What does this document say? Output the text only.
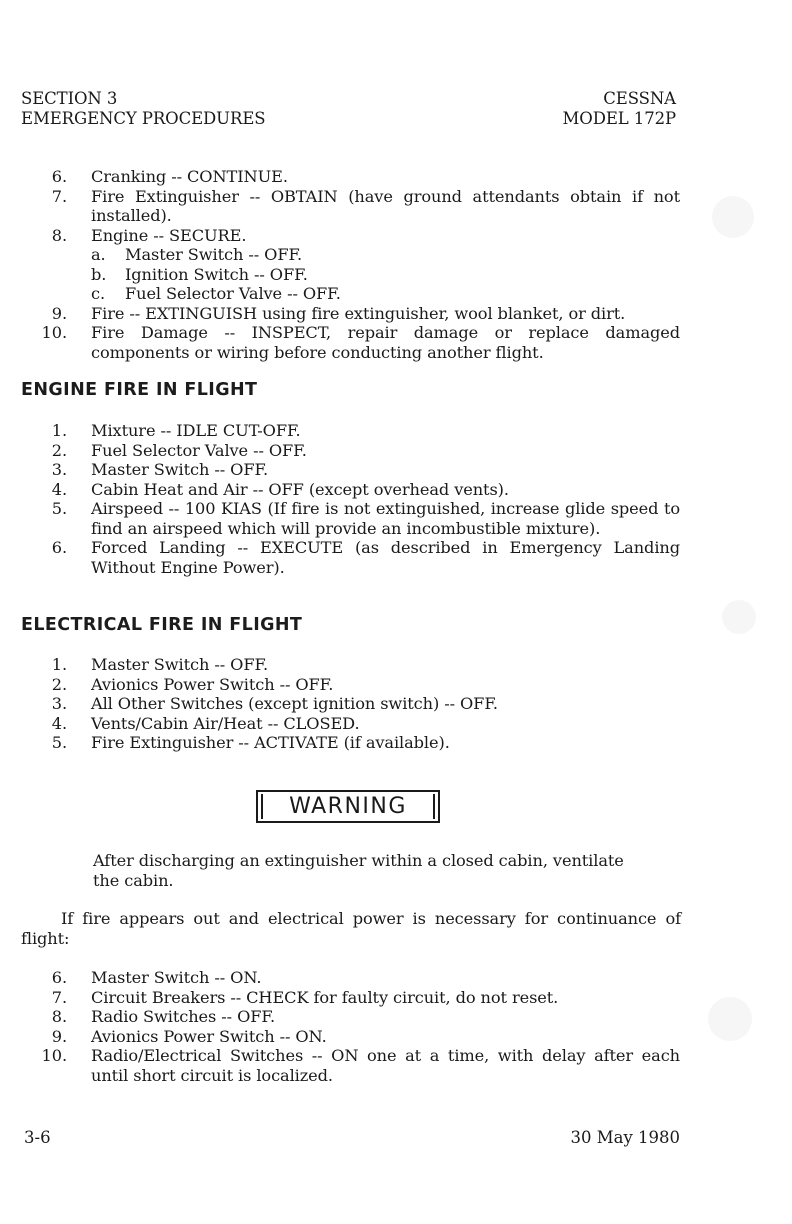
SECTION 3
EMERGENCY PROCEDURES
CESSNA
MODEL 172P
6. Cranking -- CONTINUE.
7. Fire Extinguisher -- OBTAIN (have ground attendants obtain if not installed).
8. Engine -- SECURE.
a.	Master Switch -- OFF.
b.	Ignition Switch -- OFF.
c.	Fuel Selector Valve -- OFF.
9. Fire -- EXTINGUISH using fire extinguisher, wool blanket, or dirt.
10. Fire Damage -- INSPECT, repair damage or replace damaged components or wiring before conducting another flight.
ENGINE FIRE IN FLIGHT
1. Mixture -- IDLE CUT-OFF.
2. Fuel Selector Valve -- OFF.
3. Master Switch -- OFF.
4. Cabin Heat and Air -- OFF (except overhead vents).
5. Airspeed -- 100 KIAS (If fire is not extinguished, increase glide speed to find an airspeed which will provide an incombustible mixture).
6. Forced Landing -- EXECUTE (as described in Emergency Landing Without Engine Power).
ELECTRICAL FIRE IN FLIGHT
1. Master Switch -- OFF.
2. Avionics Power Switch -- OFF.
3. All Other Switches (except ignition switch) -- OFF.
4. Vents/Cabin Air/Heat -- CLOSED.
5. Fire Extinguisher -- ACTIVATE (if available).
WARNING
After discharging an extinguisher within a closed cabin, ventilate the cabin.
If fire appears out and electrical power is necessary for continuance of flight:
6. Master Switch -- ON.
7. Circuit Breakers -- CHECK for faulty circuit, do not reset.
8. Radio Switches -- OFF.
9. Avionics Power Switch -- ON.
10. Radio/Electrical Switches -- ON one at a time, with delay after each until short circuit is localized.
3-6	30 May 1980
